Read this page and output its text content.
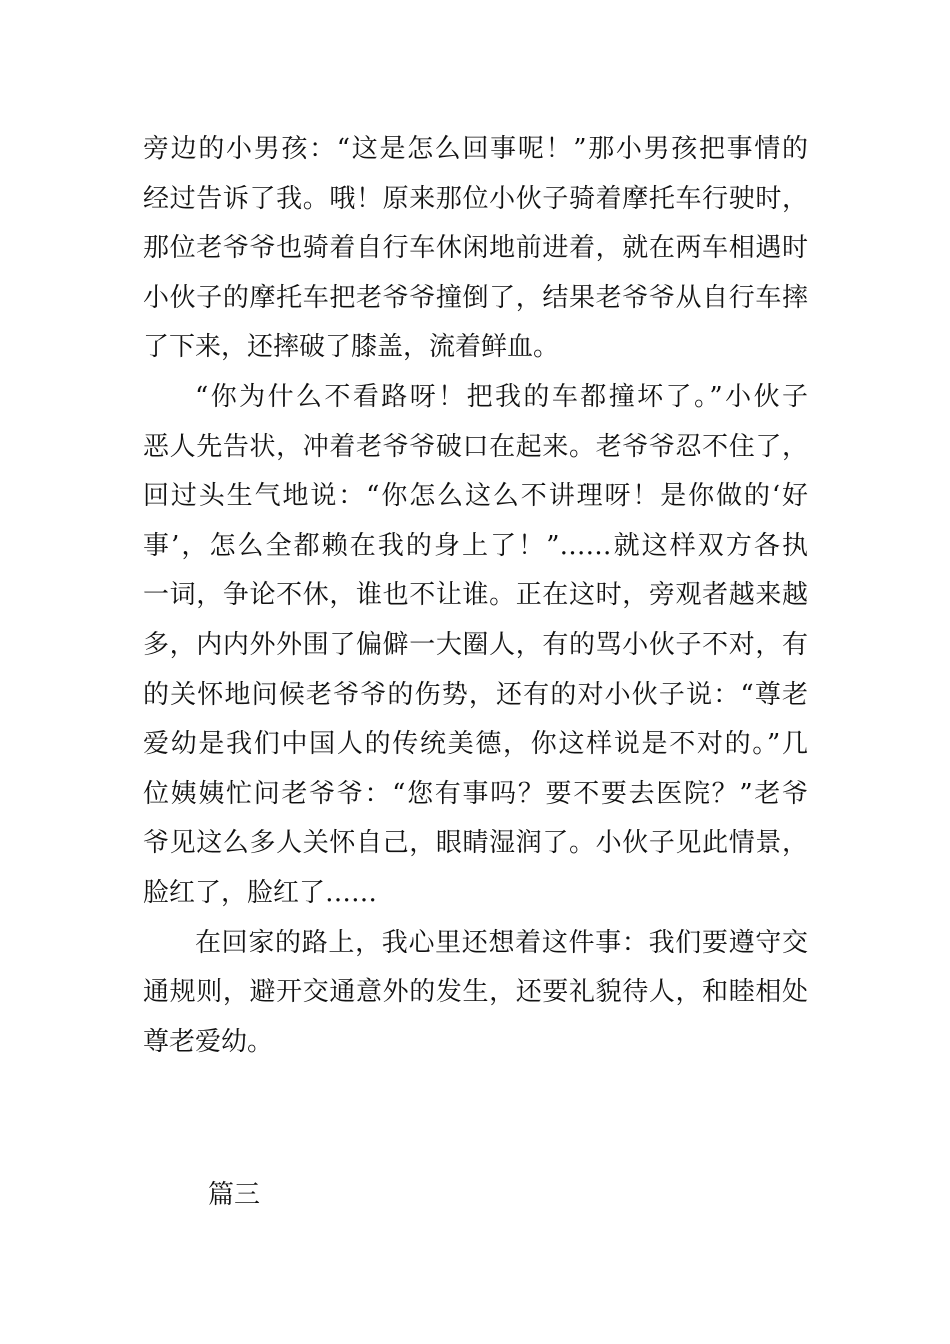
旁边的小男孩：“这是怎么回事呢！”那小男孩把事情的
经过告诉了我。哦！原来那位小伙子骑着摩托车行驶时，
那位老爷爷也骑着自行车休闲地前进着，就在两车相遇时
小伙子的摩托车把老爷爷撞倒了，结果老爷爷从自行车摔
了下来，还摔破了膝盖，流着鲜血。
“你为什么不看路呀！把我的车都撞坏了。”小伙子
恶人先告状，冲着老爷爷破口在起来。老爷爷忍不住了，
回过头生气地说：“你怎么这么不讲理呀！是你做的‘好
事’，怎么全都赖在我的身上了！”……就这样双方各执
一词，争论不休，谁也不让谁。正在这时，旁观者越来越
多，内内外外围了偏僻一大圈人，有的骂小伙子不对，有
的关怀地问候老爷爷的伤势，还有的对小伙子说：“尊老
爱幼是我们中国人的传统美德，你这样说是不对的。”几
位姨姨忙问老爷爷：“您有事吗？要不要去医院？”老爷
爷见这么多人关怀自己，眼睛湿润了。小伙子见此情景，
脸红了，脸红了……
在回家的路上，我心里还想着这件事：我们要遵守交
通规则，避开交通意外的发生，还要礼貌待人，和睦相处
尊老爱幼。
篇三
